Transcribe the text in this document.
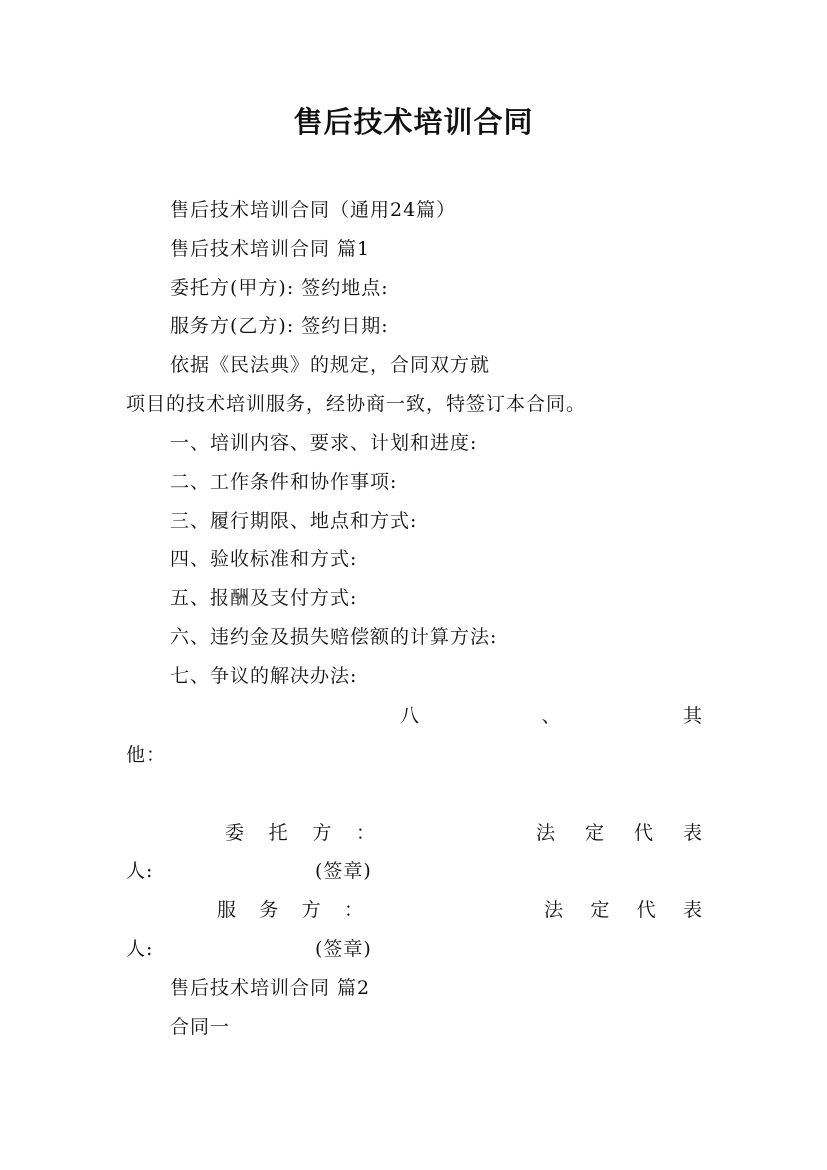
售后技术培训合同
售后技术培训合同（通用24篇）
售后技术培训合同 篇1
委托方(甲方): 签约地点:
服务方(乙方): 签约日期:
依据《民法典》的规定，合同双方就
项目的技术培训服务，经协商一致，特签订本合同。
一、培训内容、要求、计划和进度:
二、工作条件和协作事项:
三、履行期限、地点和方式:
四、验收标准和方式:
五、报酬及支付方式:
六、违约金及损失赔偿额的计算方法:
七、争议的解决办法:
八	、	其
他：
委 托 方 ：	法 定 代 表
人:	(签章)
服 务 方 ：	法 定 代 表
人:	(签章)
售后技术培训合同 篇2
合同一
